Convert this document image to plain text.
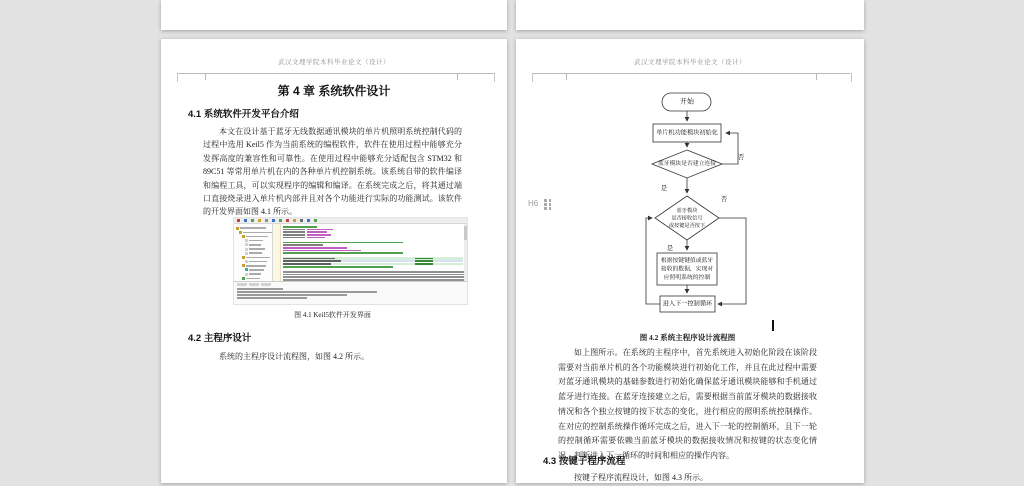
武汉文理学院本科毕业论文（设计）
第 4 章 系统软件设计
4.1 系统软件开发平台介绍
本文在设计基于蓝牙无线数据通讯模块的单片机照明系统控制代码的过程中选用 Keil5 作为当前系统的编程软件，软件在使用过程中能够充分发挥高度的兼容性和可靠性。在使用过程中能够充分适配包含 STM32 和 89C51 等常用单片机在内的各种单片机控制系统。该系统自带的软件编译和编程工具，可以实现程序的编辑和编译。在系统完成之后，将其通过端口直接烧录进入单片机内部并且对各个功能进行实际的功能测试。该软件的开发界面如图 4.1 所示。
图 4.1 Keil5软件开发界面
4.2 主程序设计
系统的主程序设计流程图，如图 4.2 所示。
武汉文理学院本科毕业论文（设计）
H6
开始
单片机功能模块初始化
蓝牙模块是否建立连接
蓝牙模块
是否接收信号
或按键是否按下
根据按键键值或蓝牙
接收的数据，实现对
应照明系统的控制
进入下一控制循环
是
是
否
否
图 4.2 系统主程序设计流程图
如上图所示。在系统的主程序中，首先系统进入初始化阶段在该阶段需要对当前单片机的各个功能模块进行初始化工作，并且在此过程中需要对蓝牙通讯模块的基础参数进行初始化确保蓝牙通讯模块能够和手机通过蓝牙进行连接。在蓝牙连接建立之后，需要根据当前蓝牙模块的数据接收情况和各个独立按键的按下状态的变化，进行相应的照明系统控制操作。在对应的控制系统操作循环完成之后，进入下一轮的控制循环，且下一轮的控制循环需要依赖当前蓝牙模块的数据接收情况和按键的状态变化情况，判断进入下一循环的时间和相应的操作内容。
4.3 按键子程序流程
按键子程序流程设计，如图 4.3 所示。
